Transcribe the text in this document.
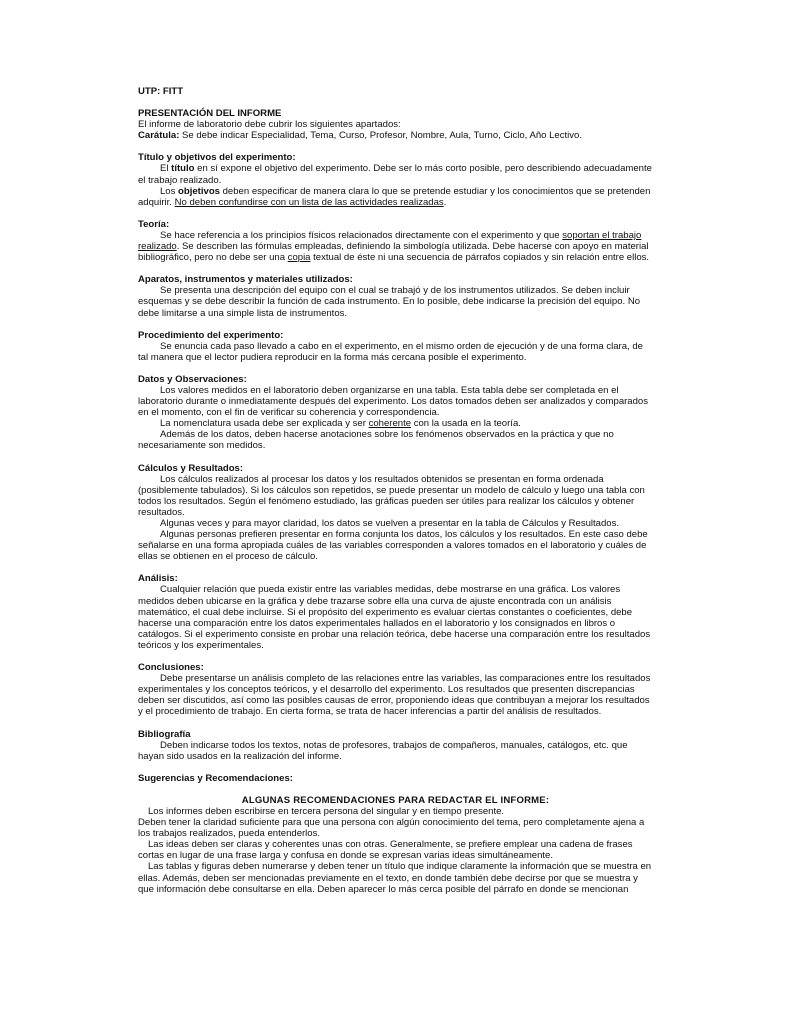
UTP: FITT

PRESENTACIÓN DEL INFORME

El informe de laboratorio debe cubrir los siguientes apartados:

Carátula: Se debe indicar Especialidad, Tema, Curso, Profesor, Nombre, Aula, Turno, Ciclo, Año Lectivo.

Título y objetivos del experimento:

El título en sí expone el objetivo del experimento. Debe ser lo más corto posible, pero describiendo adecuadamente el trabajo realizado.

Los objetivos deben especificar de manera clara lo que se pretende estudiar y los conocimientos que se pretenden adquirir. No deben confundirse con un lista de las actividades realizadas.

Teoría:

Se hace referencia a los principios físicos relacionados directamente con el experimento y que soportan el trabajo realizado. Se describen las fórmulas empleadas, definiendo la simbología utilizada. Debe hacerse con apoyo en material bibliográfico, pero no debe ser una copia textual de éste ni una secuencia de párrafos copiados y sin relación entre ellos.

Aparatos, instrumentos y materiales utilizados:

Se presenta una descripción del equipo con el cual se trabajó y de los instrumentos utilizados. Se deben incluir esquemas y se debe describir la función de cada instrumento. En lo posible, debe indicarse la precisión del equipo. No debe limitarse a una simple lista de instrumentos.

Procedimiento del experimento:

Se enuncia cada paso llevado a cabo en el experimento, en el mismo orden de ejecución y de una forma clara, de tal manera que el lector pudiera reproducir en la forma más cercana posible el experimento.

Datos y Observaciones:

Los valores medidos en el laboratorio deben organizarse en una tabla. Esta tabla debe ser completada en el laboratorio durante o inmediatamente después del experimento. Los datos tomados deben ser analizados y comparados en el momento, con el fin de verificar su coherencia y correspondencia.

La nomenclatura usada debe ser explicada y ser coherente con la usada en la teoría.

Además de los datos, deben hacerse anotaciones sobre los fenómenos observados en la práctica y que no necesariamente son medidos.

Cálculos y Resultados:

Los cálculos realizados al procesar los datos y los resultados obtenidos se presentan en forma ordenada (posiblemente tabulados). Si los cálculos son repetidos, se puede presentar un modelo de cálculo y luego una tabla con todos los resultados. Según el fenómeno estudiado, las gráficas pueden ser útiles para realizar los cálculos y obtener resultados.

Algunas veces y para mayor claridad, los datos se vuelven a presentar en la tabla de Cálculos y Resultados.

Algunas personas prefieren presentar en forma conjunta los datos, los cálculos y los resultados. En este caso debe señalarse en una forma apropiada cuáles de las variables corresponden a valores tomados en el laboratorio y cuáles de ellas se obtienen en el proceso de cálculo.

Análisis:

Cualquier relación que pueda existir entre las variables medidas, debe mostrarse en una gráfica. Los valores medidos deben ubicarse en la gráfica y debe trazarse sobre ella una curva de ajuste encontrada con un análisis matemático, el cual debe incluirse. Si el propósito del experimento es evaluar ciertas constantes o coeficientes, debe hacerse una comparación entre los datos experimentales hallados en el laboratorio y los consignados en libros o catálogos. Si el experimento consiste en probar una relación teórica, debe hacerse una comparación entre los resultados teóricos y los experimentales.

Conclusiones:

Debe presentarse un análisis completo de las relaciones entre las variables, las comparaciones entre los resultados experimentales y los conceptos teóricos, y el desarrollo del experimento. Los resultados que presenten discrepancias deben ser discutidos, así como las posibles causas de error, proponiendo ideas que contribuyan a mejorar los resultados y el procedimiento de trabajo. En cierta forma, se trata de hacer inferencias a partir del análisis de resultados.

Bibliografía

Deben indicarse todos los textos, notas de profesores, trabajos de compañeros, manuales, catálogos, etc. que hayan sido usados en la realización del informe.

Sugerencias y Recomendaciones:

ALGUNAS RECOMENDACIONES PARA REDACTAR EL INFORME:

Los informes deben escribirse en tercera persona del singular y en tiempo presente.

Deben tener la claridad suficiente para que una persona con algún conocimiento del tema, pero completamente ajena a los trabajos realizados, pueda entenderlos.

Las ideas deben ser claras y coherentes unas con otras. Generalmente, se prefiere emplear una cadena de frases cortas en lugar de una frase larga y confusa en donde se expresan varias ideas simultáneamente.

Las tablas y figuras deben numerarse y deben tener un título que indique claramente la información que se muestra en ellas. Además, deben ser mencionadas previamente en el texto, en donde también debe decirse por que se muestra y que información debe consultarse en ella. Deben aparecer lo más cerca posible del párrafo en donde se mencionan
